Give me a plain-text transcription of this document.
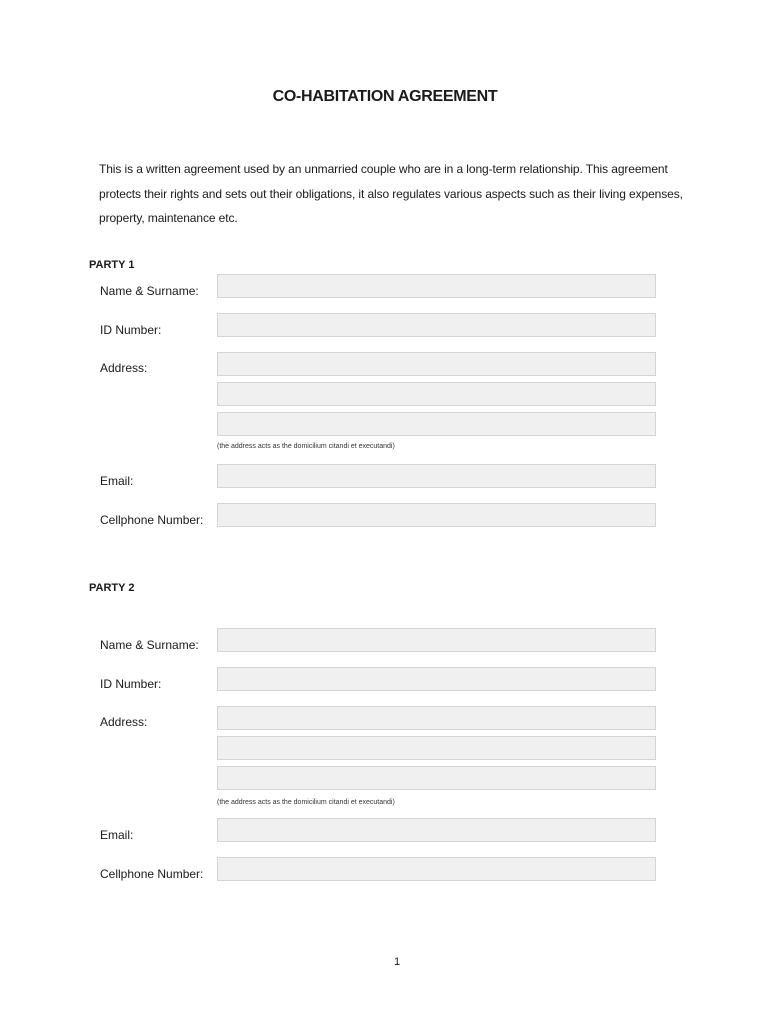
CO-HABITATION AGREEMENT
This is a written agreement used by an unmarried couple who are in a long-term relationship. This agreement protects their rights and sets out their obligations, it also regulates various aspects such as their living expenses, property, maintenance etc.
PARTY 1
Name & Surname:
ID Number:
Address:
(the address acts as the domicilium citandi et executandi)
Email:
Cellphone Number:
PARTY 2
Name & Surname:
ID Number:
Address:
(the address acts as the domicilium citandi et executandi)
Email:
Cellphone Number:
1
